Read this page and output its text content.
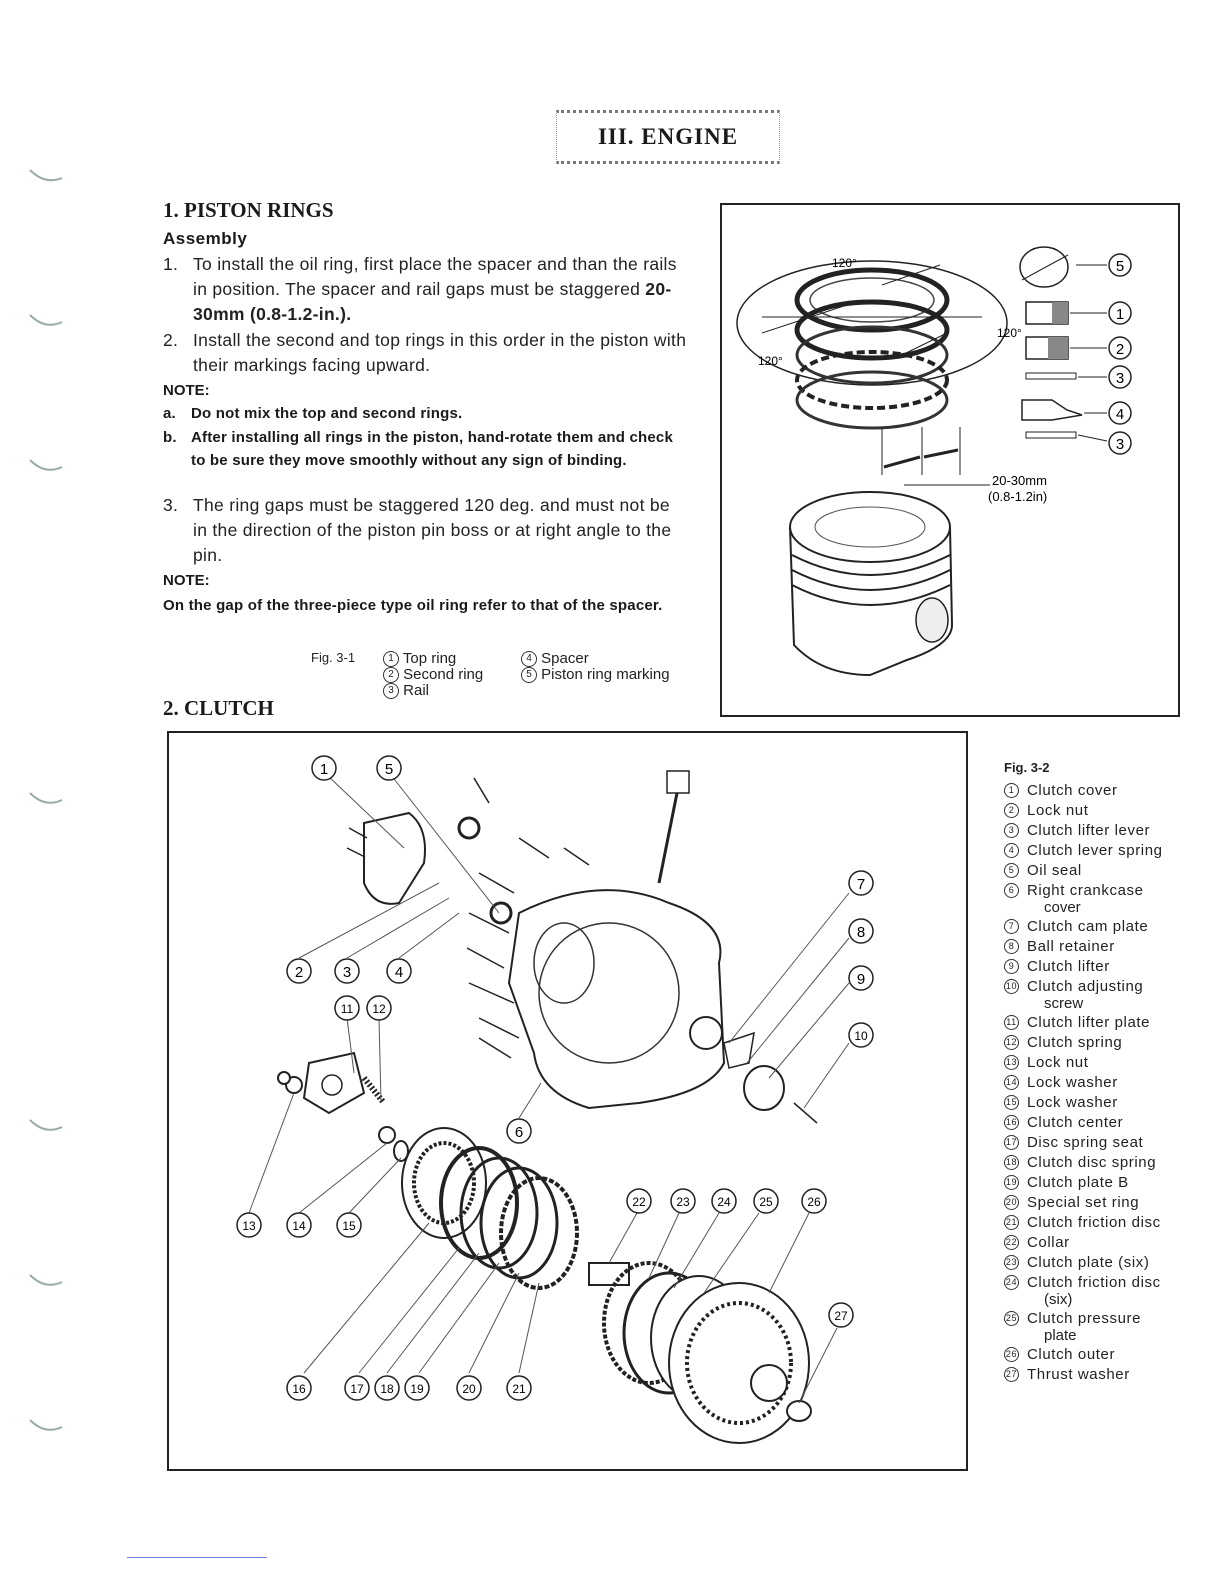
III. ENGINE
1. PISTON RINGS
Assembly
1. To install the oil ring, first place the spacer and than the rails in position. The spacer and rail gaps must be staggered 20-30mm (0.8-1.2-in.).
2. Install the second and top rings in this order in the piston with their markings facing upward.
NOTE:
a. Do not mix the top and second rings.
b. After installing all rings in the piston, hand-rotate them and check to be sure they move smoothly without any sign of binding.
3. The ring gaps must be staggered 120 deg. and must not be in the direction of the piston pin boss or at right angle to the pin.
NOTE:
On the gap of the three-piece type oil ring refer to that of the spacer.
Fig. 3-1	1 Top ring
2 Second ring
3 Rail
4 Spacer
5 Piston ring marking
2. CLUTCH
120°
120°
120°
20-30mm
(0.8-1.2in)
5
1
2
3
4
3
1	5
2	3	4
11 12
13	14	15
6
7
8
9
10
16	17 18 19	20	21
22	23 24 25	26
27
Fig. 3-2
1 Clutch cover
2 Lock nut
3 Clutch lifter lever
4 Clutch lever spring
5 Oil seal
6 Right crankcase
cover
7 Clutch cam plate
8 Ball retainer
9 Clutch lifter
10 Clutch adjusting
screw
11 Clutch lifter plate
12 Clutch spring
13 Lock nut
14 Lock washer
15 Lock washer
16 Clutch center
17 Disc spring seat
18 Clutch disc spring
19 Clutch plate B
20 Special set ring
21 Clutch friction disc
22 Collar
23 Clutch plate (six)
24 Clutch friction disc
(six)
25 Clutch pressure
plate
26 Clutch outer
27 Thrust washer
